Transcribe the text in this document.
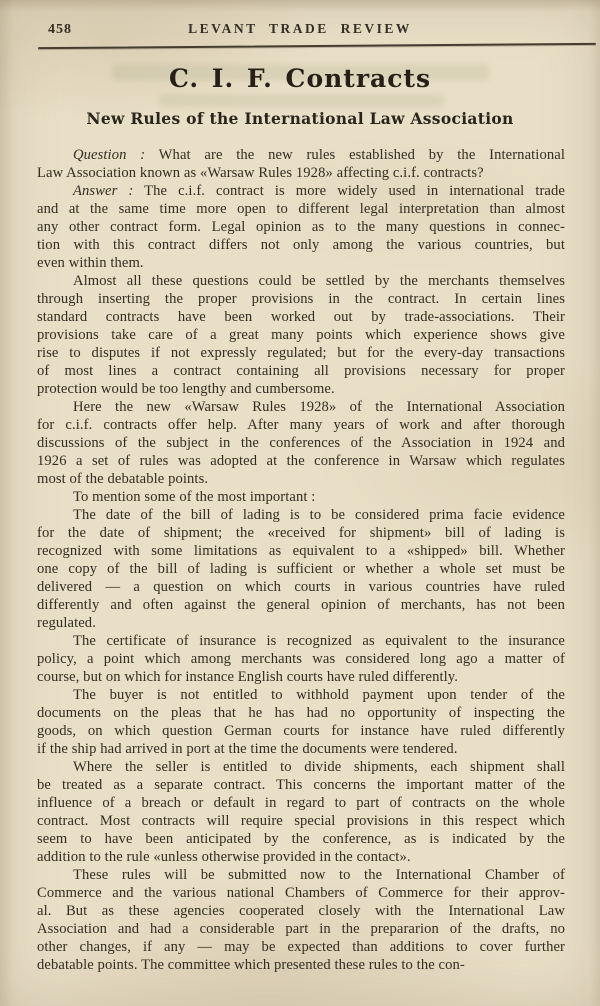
458	LEVANT TRADE REVIEW
C. I. F. Contracts
New Rules of the International Law Association
Question : What are the new rules established by the International
Law Association known as «Warsaw Rules 1928» affecting c.i.f. contracts?
Answer : The c.i.f. contract is more widely used in international trade
and at the same time more open to different legal interpretation than almost
any other contract form. Legal opinion as to the many questions in connec-
tion with this contract differs not only among the various countries, but
even within them.
Almost all these questions could be settled by the merchants themselves
through inserting the proper provisions in the contract. In certain lines
standard contracts have been worked out by trade-associations. Their
provisions take care of a great many points which experience shows give
rise to disputes if not expressly regulated; but for the every-day transactions
of most lines a contract containing all provisions necessary for proper
protection would be too lengthy and cumbersome.
Here the new «Warsaw Rules 1928» of the International Association
for c.i.f. contracts offer help. After many years of work and after thorough
discussions of the subject in the conferences of the Association in 1924 and
1926 a set of rules was adopted at the conference in Warsaw which regulates
most of the debatable points.
To mention some of the most important :
The date of the bill of lading is to be considered prima facie evidence
for the date of shipment; the «received for shipment» bill of lading is
recognized with some limitations as equivalent to a «shipped» bill. Whether
one copy of the bill of lading is sufficient or whether a whole set must be
delivered — a question on which courts in various countries have ruled
differently and often against the general opinion of merchants, has not been
regulated.
The certificate of insurance is recognized as equivalent to the insurance
policy, a point which among merchants was considered long ago a matter of
course, but on which for instance English courts have ruled differently.
The buyer is not entitled to withhold payment upon tender of the
documents on the pleas that he has had no opportunity of inspecting the
goods, on which question German courts for instance have ruled differently
if the ship had arrived in port at the time the documents were tendered.
Where the seller is entitled to divide shipments, each shipment shall
be treated as a separate contract. This concerns the important matter of the
influence of a breach or default in regard to part of contracts on the whole
contract. Most contracts will require special provisions in this respect which
seem to have been anticipated by the conference, as is indicated by the
addition to the rule «unless otherwise provided in the contact».
These rules will be submitted now to the International Chamber of
Commerce and the various national Chambers of Commerce for their approv-
al. But as these agencies cooperated closely with the International Law
Association and had a considerable part in the prepararion of the drafts, no
other changes, if any — may be expected than additions to cover further
debatable points. The committee which presented these rules to the con-
